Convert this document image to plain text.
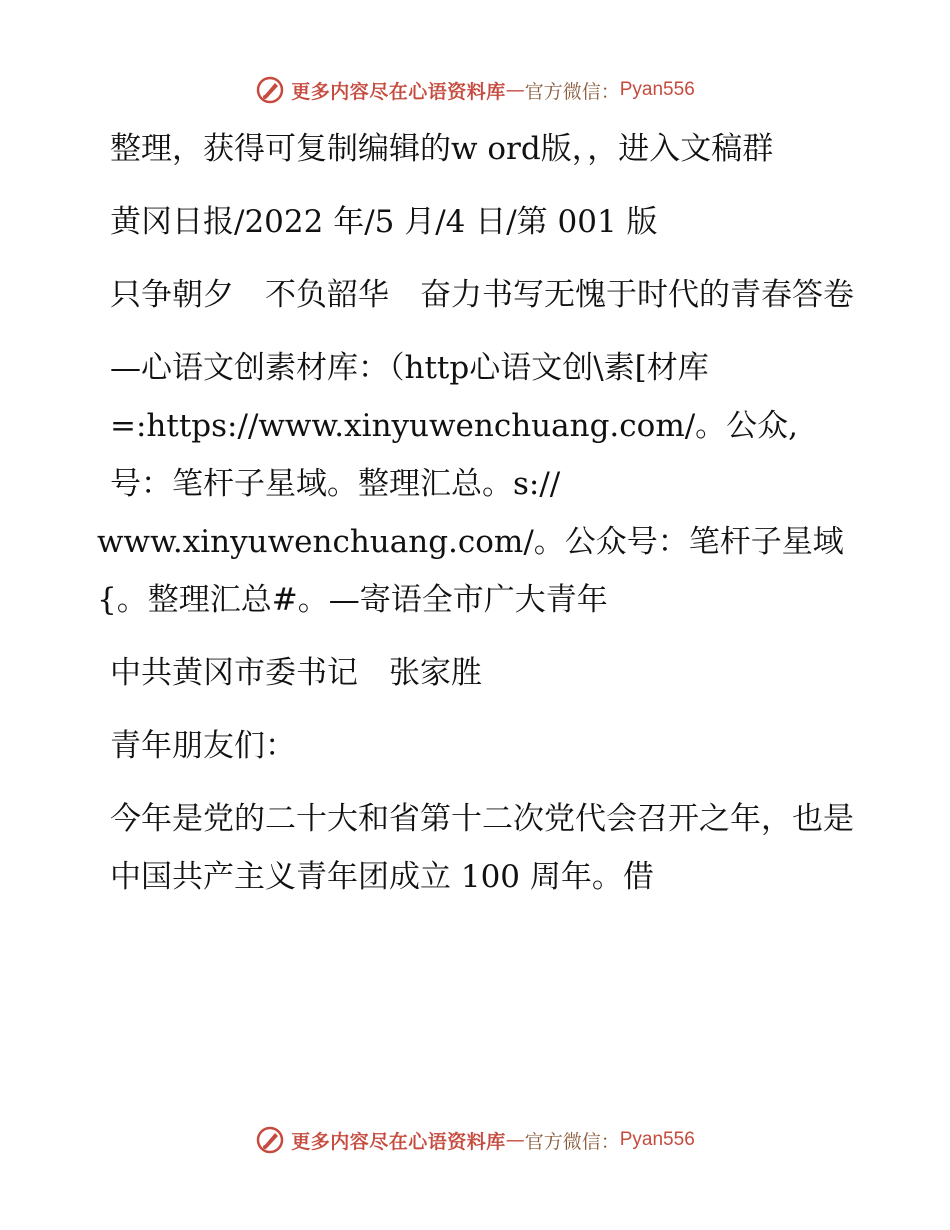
更多内容尽在心语资料库 — 官方微信： Pyan556

整理，获得可复制编辑的w ord版，，进入文稿群

黄冈日报/2022 年/5 月/4 日/第 001 版

只争朝夕　不负韶华　奋力书写无愧于时代的青春答卷

—心语文创素材库：（http心语文创\素[材库=:https://www.xinyuwenchuang.com/。公众,号：笔杆子星域。整理汇总。s://

www.xinyuwenchuang.com/。公众号：笔杆子星域{。整理汇总#。—寄语全市广大青年

中共黄冈市委书记　张家胜

青年朋友们：

今年是党的二十大和省第十二次党代会召开之年，也是中国共产主义青年团成立 100 周年。借

更多内容尽在心语资料库 — 官方微信： Pyan556
